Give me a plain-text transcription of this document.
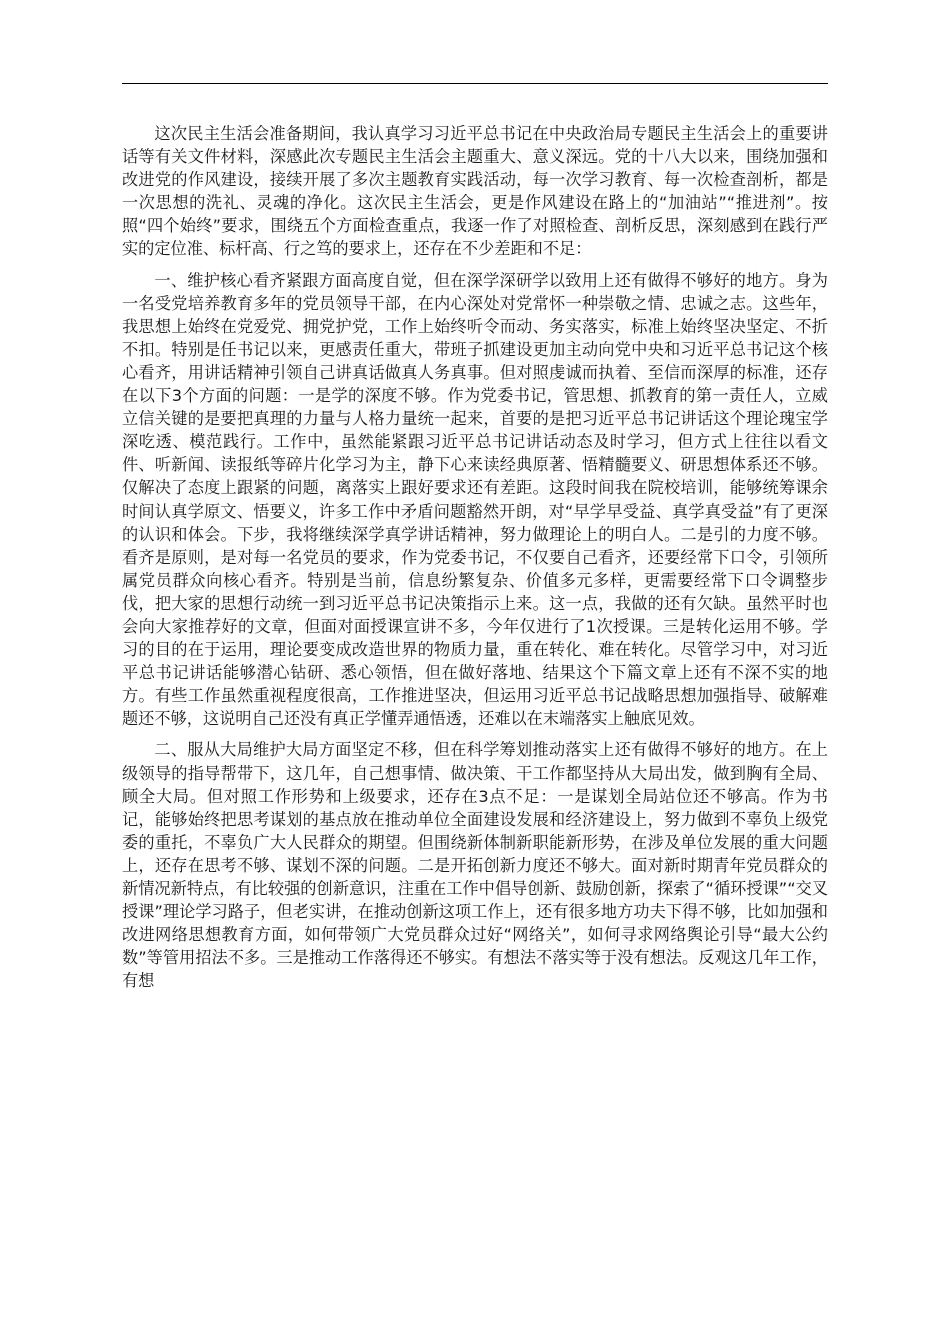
这次民主生活会准备期间，我认真学习习近平总书记在中央政治局专题民主生活会上的重要讲话等有关文件材料，深感此次专题民主生活会主题重大、意义深远。党的十八大以来，围绕加强和改进党的作风建设，接续开展了多次主题教育实践活动，每一次学习教育、每一次检查剖析，都是一次思想的洗礼、灵魂的净化。这次民主生活会，更是作风建设在路上的“加油站”“推进剂”。按照“四个始终”要求，围绕五个方面检查重点，我逐一作了对照检查、剖析反思，深刻感到在践行严实的定位准、标杆高、行之笃的要求上，还存在不少差距和不足：

一、维护核心看齐紧跟方面高度自觉，但在深学深研学以致用上还有做得不够好的地方。身为一名受党培养教育多年的党员领导干部，在内心深处对党常怀一种崇敬之情、忠诚之志。这些年，我思想上始终在党爱党、拥党护党，工作上始终听令而动、务实落实，标准上始终坚决坚定、不折不扣。特别是任书记以来，更感责任重大，带班子抓建设更加主动向党中央和习近平总书记这个核心看齐，用讲话精神引领自己讲真话做真人务真事。但对照虔诚而执着、至信而深厚的标准，还存在以下3个方面的问题：一是学的深度不够。作为党委书记，管思想、抓教育的第一责任人，立威立信关键的是要把真理的力量与人格力量统一起来，首要的是把习近平总书记讲话这个理论瑰宝学深吃透、模范践行。工作中，虽然能紧跟习近平总书记讲话动态及时学习，但方式上往往以看文件、听新闻、读报纸等碎片化学习为主，静下心来读经典原著、悟精髓要义、研思想体系还不够。仅解决了态度上跟紧的问题，离落实上跟好要求还有差距。这段时间我在院校培训，能够统筹课余时间认真学原文、悟要义，许多工作中矛盾问题豁然开朗，对“早学早受益、真学真受益”有了更深的认识和体会。下步，我将继续深学真学讲话精神，努力做理论上的明白人。二是引的力度不够。看齐是原则，是对每一名党员的要求，作为党委书记，不仅要自己看齐，还要经常下口令，引领所属党员群众向核心看齐。特别是当前，信息纷繁复杂、价值多元多样，更需要经常下口令调整步伐，把大家的思想行动统一到习近平总书记决策指示上来。这一点，我做的还有欠缺。虽然平时也会向大家推荐好的文章，但面对面授课宣讲不多，今年仅进行了1次授课。三是转化运用不够。学习的目的在于运用，理论要变成改造世界的物质力量，重在转化、难在转化。尽管学习中，对习近平总书记讲话能够潜心钻研、悉心领悟，但在做好落地、结果这个下篇文章上还有不深不实的地方。有些工作虽然重视程度很高，工作推进坚决，但运用习近平总书记战略思想加强指导、破解难题还不够，这说明自己还没有真正学懂弄通悟透，还难以在末端落实上触底见效。

二、服从大局维护大局方面坚定不移，但在科学筹划推动落实上还有做得不够好的地方。在上级领导的指导帮带下，这几年，自己想事情、做决策、干工作都坚持从大局出发，做到胸有全局、顾全大局。但对照工作形势和上级要求，还存在3点不足：一是谋划全局站位还不够高。作为书记，能够始终把思考谋划的基点放在推动单位全面建设发展和经济建设上，努力做到不辜负上级党委的重托，不辜负广大人民群众的期望。但围绕新体制新职能新形势，在涉及单位发展的重大问题上，还存在思考不够、谋划不深的问题。二是开拓创新力度还不够大。面对新时期青年党员群众的新情况新特点，有比较强的创新意识，注重在工作中倡导创新、鼓励创新，探索了“循环授课”“交叉授课”理论学习路子，但老实讲，在推动创新这项工作上，还有很多地方功夫下得不够，比如加强和改进网络思想教育方面，如何带领广大党员群众过好“网络关”，如何寻求网络舆论引导“最大公约数”等管用招法不多。三是推动工作落得还不够实。有想法不落实等于没有想法。反观这几年工作，有想
